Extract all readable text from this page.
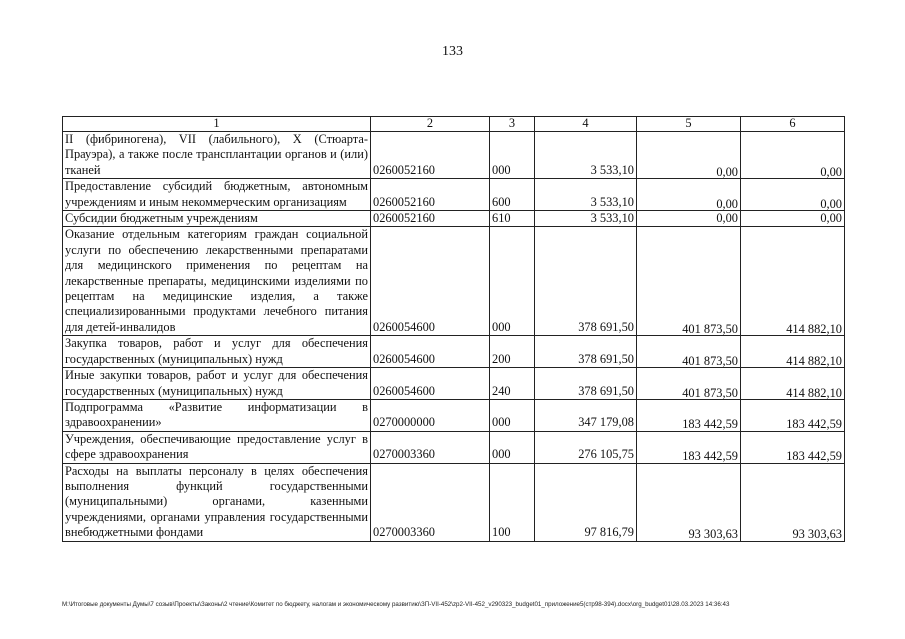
133
1	2	3	4	5	6
II (фибриногена), VII (лабильного), X (Стюарта-Прауэра), а также после трансплантации органов и (или) тканей	0260052160	000	3 533,10	0,00	0,00
Предоставление субсидий бюджетным, автономным учреждениям и иным некоммерческим организациям	0260052160	600	3 533,10	0,00	0,00
Субсидии бюджетным учреждениям	0260052160	610	3 533,10	0,00	0,00
Оказание отдельным категориям граждан социальной услуги по обеспечению лекарственными препаратами для медицинского применения по рецептам на лекарственные препараты, медицинскими изделиями по рецептам на медицинские изделия, а также специализированными продуктами лечебного питания для детей-инвалидов	0260054600	000	378 691,50	401 873,50	414 882,10
Закупка товаров, работ и услуг для обеспечения государственных (муниципальных) нужд	0260054600	200	378 691,50	401 873,50	414 882,10
Иные закупки товаров, работ и услуг для обеспечения государственных (муниципальных) нужд	0260054600	240	378 691,50	401 873,50	414 882,10
Подпрограмма «Развитие информатизации в здравоохранении»	0270000000	000	347 179,08	183 442,59	183 442,59
Учреждения, обеспечивающие предоставление услуг в сфере здравоохранения	0270003360	000	276 105,75	183 442,59	183 442,59
Расходы на выплаты персоналу в целях обеспечения выполнения функций государственными (муниципальными) органами, казенными учреждениями, органами управления государственными внебюджетными фондами	0270003360	100	97 816,79	93 303,63	93 303,63
M:\Итоговые документы Думы\7 созыв\Проекты\Законы\2 чтение\Комитет по бюджету, налогам и экономическому развитию\ЗП-VII-452\zp2-VII-452_v290323_budget01_приложение5(стр98-394).docx\org_budget01\28.03.2023 14:36:43
